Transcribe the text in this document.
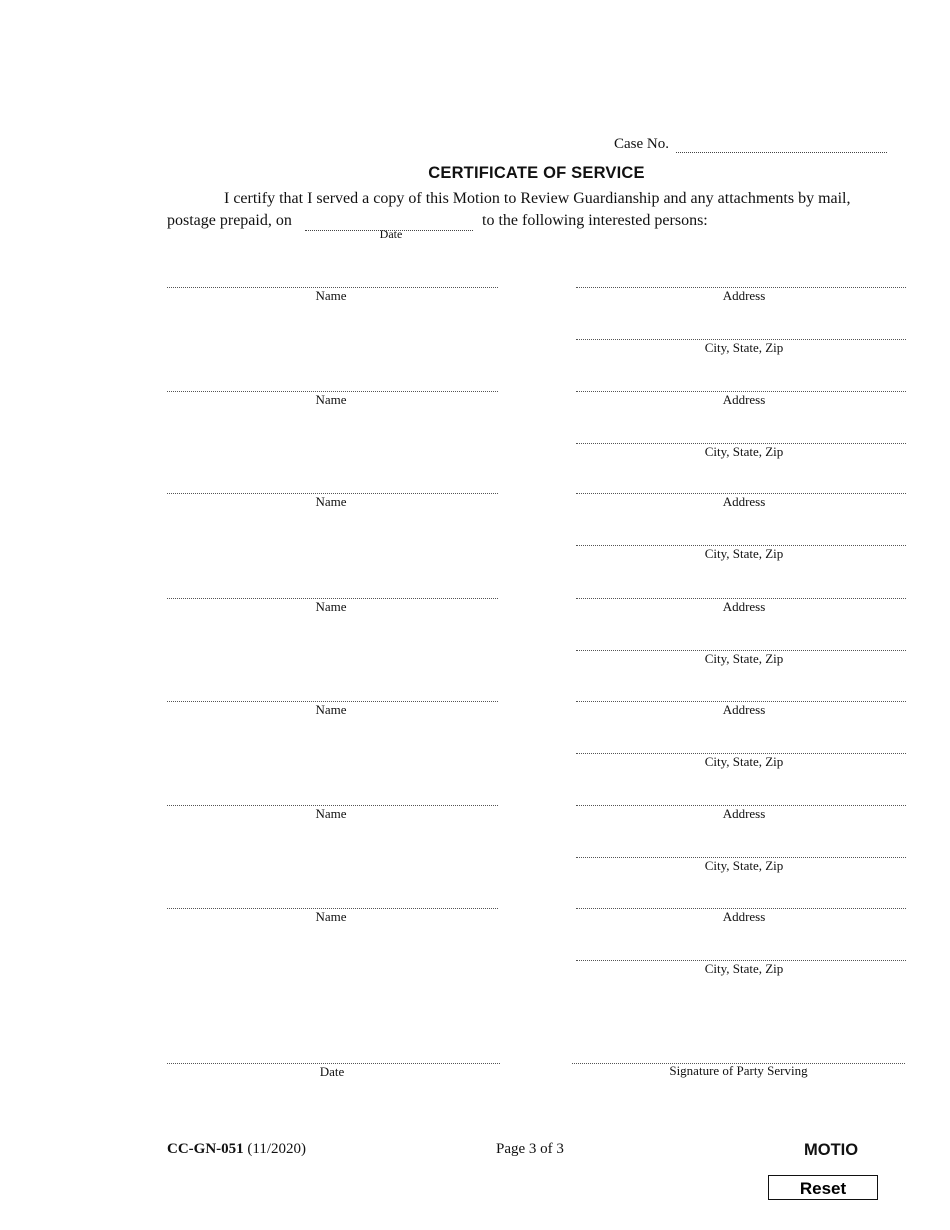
Case No.
CERTIFICATE OF SERVICE
I certify that I served a copy of this Motion to Review Guardianship and any attachments by mail,
postage prepaid, on
Date
to the following interested persons:
Name	Address
City, State, Zip
Name	Address
City, State, Zip
Name	Address
City, State, Zip
Name	Address
City, State, Zip
Name	Address
City, State, Zip
Name	Address
City, State, Zip
Name	Address
City, State, Zip
Date	Signature of Party Serving
CC-GN-051 (11/2020)	Page 3 of 3	MOTIO
Reset
